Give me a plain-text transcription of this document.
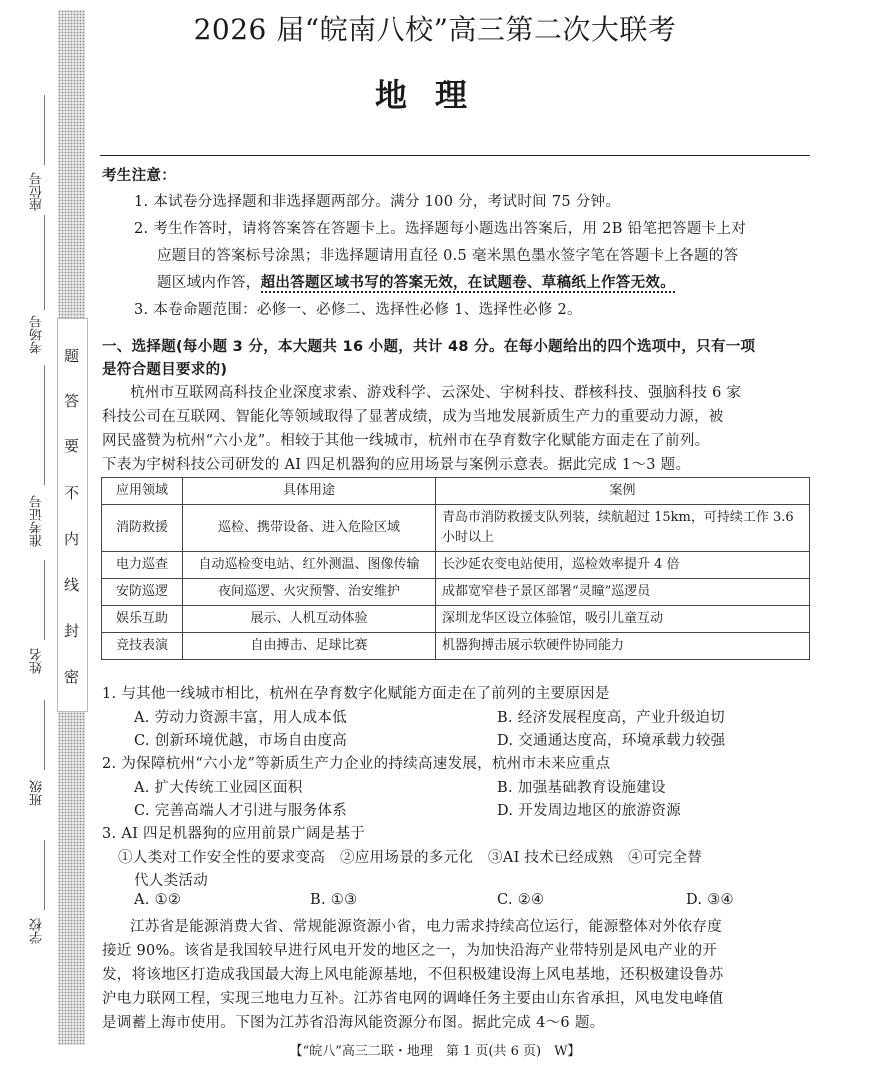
题
答
要
不
内
线
封
密
座位号
考场号
准考证号
姓名
班级
学校
2026 届“皖南八校”高三第二次大联考
地理
考生注意：
1. 本试卷分选择题和非选择题两部分。满分 100 分，考试时间 75 分钟。
2. 考生作答时，请将答案答在答题卡上。选择题每小题选出答案后，用 2B 铅笔把答题卡上对
应题目的答案标号涂黑；非选择题请用直径 0.5 毫米黑色墨水签字笔在答题卡上各题的答
题区域内作答，超出答题区域书写的答案无效，在试题卷、草稿纸上作答无效。
3. 本卷命题范围：必修一、必修二、选择性必修 1、选择性必修 2。
一、选择题(每小题 3 分，本大题共 16 小题，共计 48 分。在每小题给出的四个选项中，只有一项
是符合题目要求的)
杭州市互联网高科技企业深度求索、游戏科学、云深处、宇树科技、群核科技、强脑科技 6 家
科技公司在互联网、智能化等领域取得了显著成绩，成为当地发展新质生产力的重要动力源，被
网民盛赞为杭州“六小龙”。相较于其他一线城市，杭州市在孕育数字化赋能方面走在了前列。
下表为宇树科技公司研发的 AI 四足机器狗的应用场景与案例示意表。据此完成 1～3 题。
应用领域	具体用途	案例
消防救援	巡检、携带设备、进入危险区域	青岛市消防救援支队列装，续航超过 15km，可持续工作 3.6 小时以上
电力巡查	自动巡检变电站、红外测温、图像传输	长沙延农变电站使用，巡检效率提升 4 倍
安防巡逻	夜间巡逻、火灾预警、治安维护	成都宽窄巷子景区部署“灵瞳”巡逻员
娱乐互助	展示、人机互动体验	深圳龙华区设立体验馆，吸引儿童互动
竞技表演	自由搏击、足球比赛	机器狗搏击展示软硬件协同能力
1. 与其他一线城市相比，杭州在孕育数字化赋能方面走在了前列的主要原因是
A. 劳动力资源丰富，用人成本低	B. 经济发展程度高，产业升级迫切
C. 创新环境优越，市场自由度高	D. 交通通达度高，环境承载力较强
2. 为保障杭州“六小龙”等新质生产力企业的持续高速发展，杭州市未来应重点
A. 扩大传统工业园区面积	B. 加强基础教育设施建设
C. 完善高端人才引进与服务体系	D. 开发周边地区的旅游资源
3. AI 四足机器狗的应用前景广阔是基于
①人类对工作安全性的要求变高　②应用场景的多元化　③AI 技术已经成熟　④可完全替
代人类活动
A. ①②	B. ①③	C. ②④	D. ③④
江苏省是能源消费大省、常规能源资源小省，电力需求持续高位运行，能源整体对外依存度
接近 90%。该省是我国较早进行风电开发的地区之一，为加快沿海产业带特别是风电产业的开
发，将该地区打造成我国最大海上风电能源基地，不但积极建设海上风电基地，还积极建设鲁苏
沪电力联网工程，实现三地电力互补。江苏省电网的调峰任务主要由山东省承担，风电发电峰值
是调蓄上海市使用。下图为江苏省沿海风能资源分布图。据此完成 4～6 题。
【“皖八”高三二联・地理　第 1 页(共 6 页)　W】
